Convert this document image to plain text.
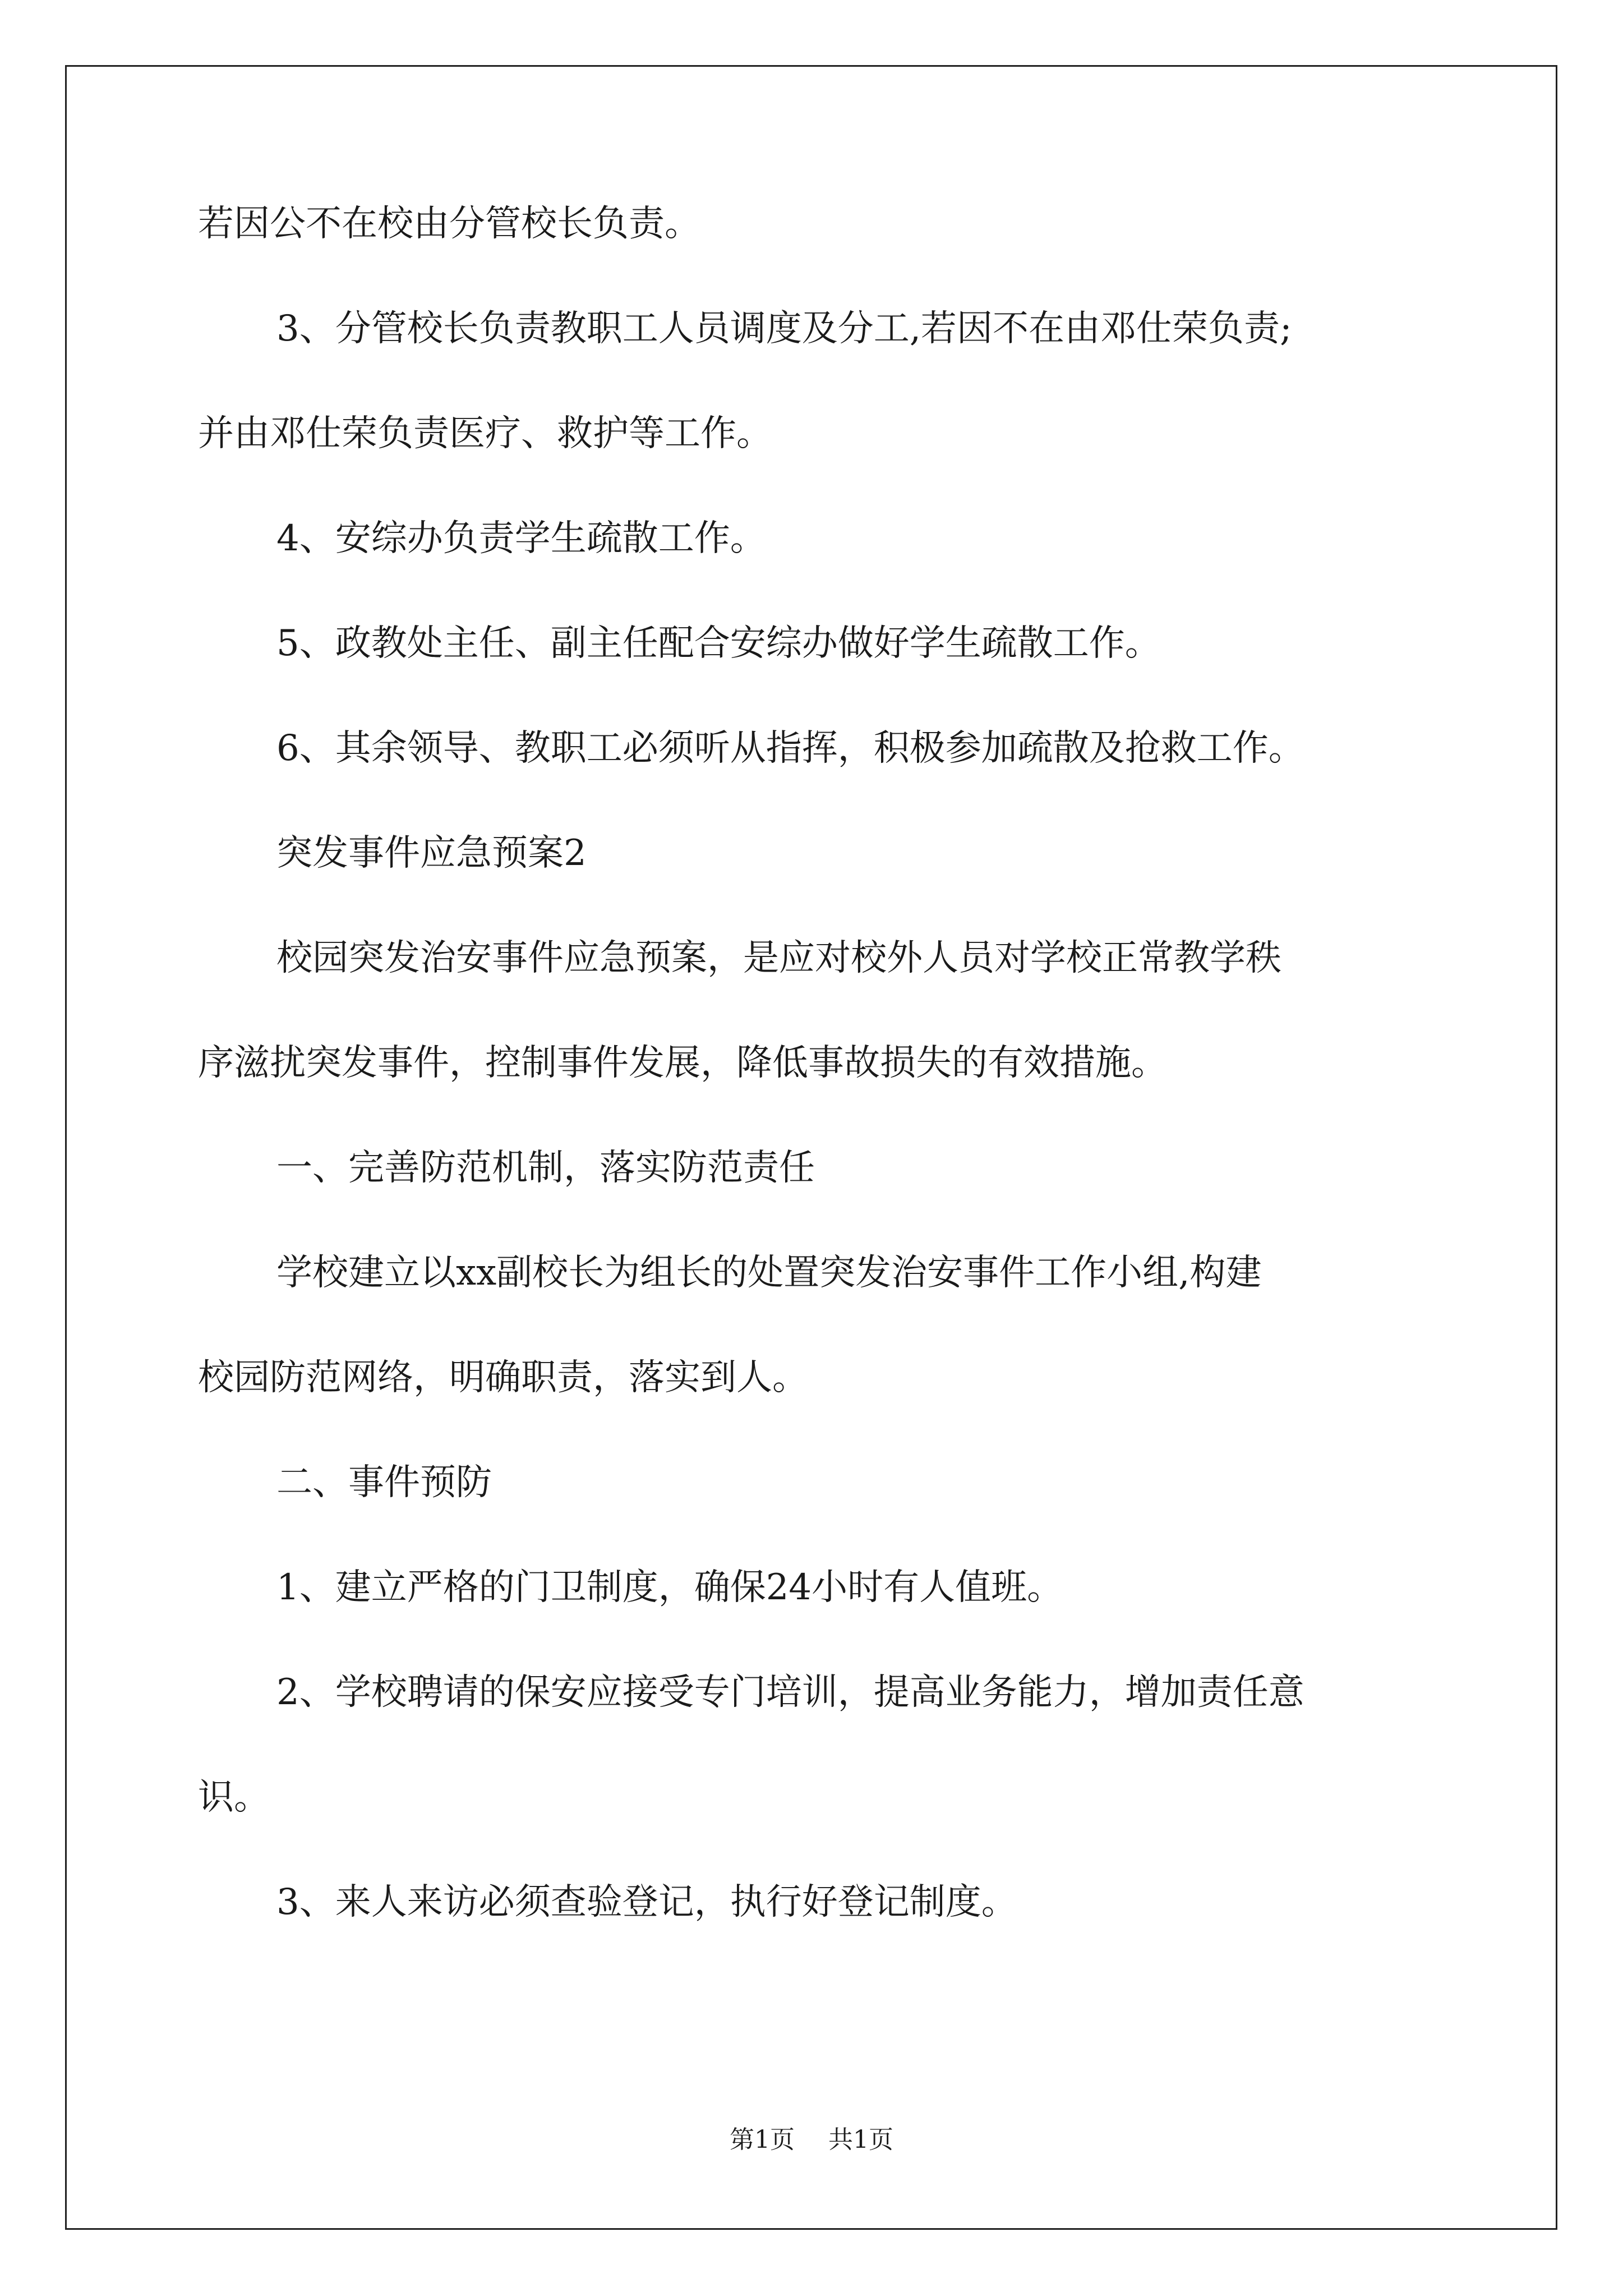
若因公不在校由分管校长负责。
3、分管校长负责教职工人员调度及分工,若因不在由邓仕荣负责;
并由邓仕荣负责医疗、救护等工作。
4、安综办负责学生疏散工作。
5、政教处主任、副主任配合安综办做好学生疏散工作。
6、其余领导、教职工必须听从指挥，积极参加疏散及抢救工作。
突发事件应急预案2
校园突发治安事件应急预案，是应对校外人员对学校正常教学秩
序滋扰突发事件，控制事件发展，降低事故损失的有效措施。
一、完善防范机制，落实防范责任
学校建立以xx副校长为组长的处置突发治安事件工作小组,构建
校园防范网络，明确职责，落实到人。
二、事件预防
1、建立严格的门卫制度，确保24小时有人值班。
2、学校聘请的保安应接受专门培训，提高业务能力，增加责任意
识。
3、来人来访必须查验登记，执行好登记制度。
第1页 共1页
